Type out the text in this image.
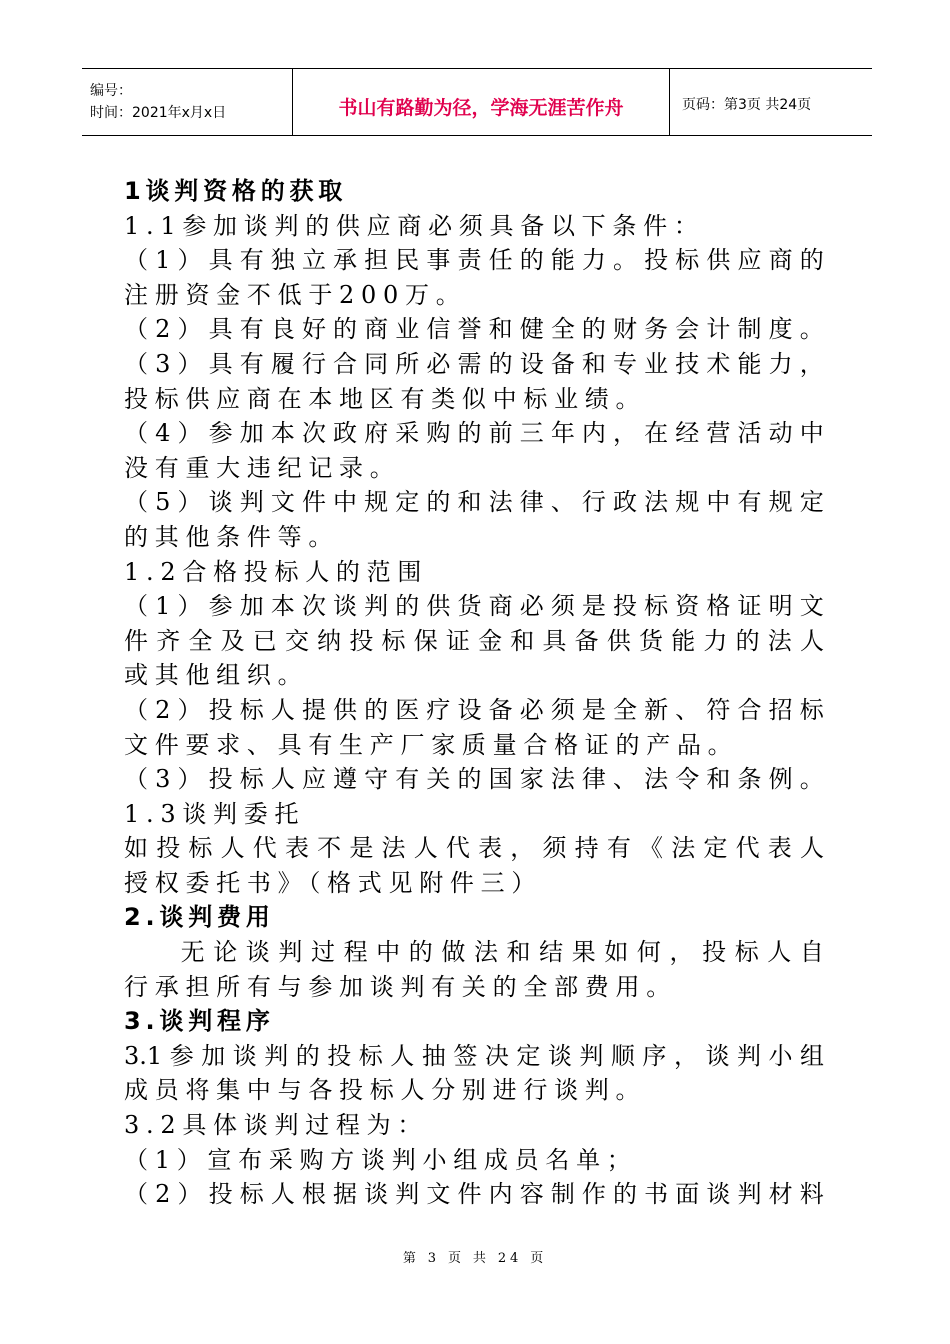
编号：
时间：2021年x月x日	书山有路勤为径，学海无涯苦作舟	页码：第3页 共24页
1谈判资格的获取
1.1参加谈判的供应商必须具备以下条件：
（ 1 ） 具 有 独 立 承 担 民 事 责 任 的 能 力 。 投 标 供 应 商 的
注册资金不低于200万。
（ 2 ） 具 有 良 好 的 商 业 信 誉 和 健 全 的 财 务 会 计 制 度 。
（ 3 ） 具 有 履 行 合 同 所 必 需 的 设 备 和 专 业 技 术 能 力 ，
投标供应商在本地区有类似中标业绩。
（ 4 ） 参 加 本 次 政 府 采 购 的 前 三 年 内 ， 在 经 营 活 动 中
没有重大违纪记录。
（ 5 ） 谈 判 文 件 中 规 定 的 和 法 律 、 行 政 法 规 中 有 规 定
的其他条件等。
1.2合格投标人的范围
（ 1 ） 参 加 本 次 谈 判 的 供 货 商 必 须 是 投 标 资 格 证 明 文
件 齐 全 及 已 交 纳 投 标 保 证 金 和 具 备 供 货 能 力 的 法 人
或其他组织。
（ 2 ） 投 标 人 提 供 的 医 疗 设 备 必 须 是 全 新 、 符 合 招 标
文件要求、具有生产厂家质量合格证的产品。
（ 3 ） 投 标 人 应 遵 守 有 关 的 国 家 法 律 、 法 令 和 条 例 。
1.3谈判委托
如 投 标 人 代 表 不 是 法 人 代 表 ， 须 持 有 《 法 定 代 表 人
授权委托书》（格式见附件三）
2.谈判费用

无 论 谈 判 过 程 中 的 做 法 和 结 果 如 何 ， 投 标 人 自
行承担所有与参加谈判有关的全部费用。
3.谈判程序
3.1 参 加 谈 判 的 投 标 人 抽 签 决 定 谈 判 顺 序 ， 谈 判 小 组
成员将集中与各投标人分别进行谈判。
3.2具体谈判过程为：
（1）宣布采购方谈判小组成员名单；
（ 2 ） 投 标 人 根 据 谈 判 文 件 内 容 制 作 的 书 面 谈 判 材 料
第 3 页 共 24 页
